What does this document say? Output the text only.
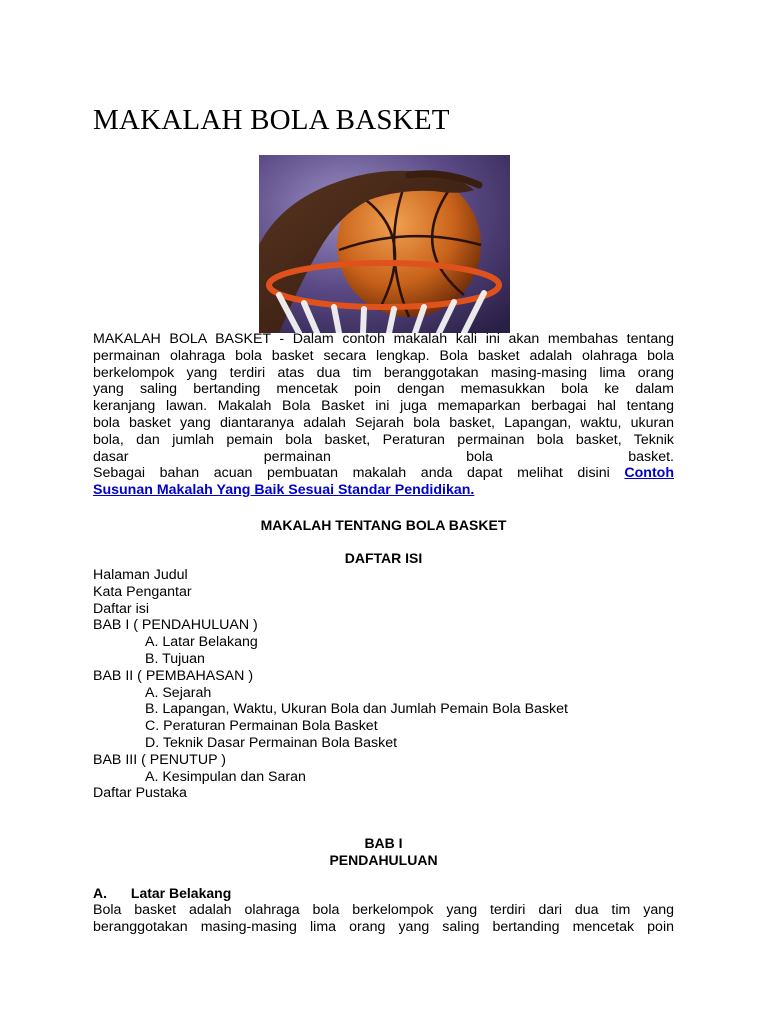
MAKALAH BOLA BASKET
MAKALAH BOLA BASKET - Dalam contoh makalah kali ini akan membahas tentang
permainan olahraga bola basket secara lengkap. Bola basket adalah olahraga bola
berkelompok yang terdiri atas dua tim beranggotakan masing-masing lima orang
yang saling bertanding mencetak poin dengan memasukkan bola ke dalam
keranjang lawan. Makalah Bola Basket ini juga memaparkan berbagai hal tentang
bola basket yang diantaranya adalah Sejarah bola basket, Lapangan, waktu, ukuran
bola, dan jumlah pemain bola basket, Peraturan permainan bola basket, Teknik
dasar permainan bola basket.
Sebagai bahan acuan pembuatan makalah anda dapat melihat disini Contoh
Susunan Makalah Yang Baik Sesuai Standar Pendidikan.
MAKALAH TENTANG BOLA BASKET
DAFTAR ISI
Halaman Judul
Kata Pengantar
Daftar isi
BAB I ( PENDAHULUAN )
A. Latar Belakang
B. Tujuan
BAB II ( PEMBAHASAN )
A. Sejarah
B. Lapangan, Waktu, Ukuran Bola dan Jumlah Pemain Bola Basket
C. Peraturan Permainan Bola Basket
D. Teknik Dasar Permainan Bola Basket
BAB III ( PENUTUP )
A. Kesimpulan dan Saran
Daftar Pustaka
BAB I
PENDAHULUAN
A. Latar Belakang
Bola basket adalah olahraga bola berkelompok yang terdiri dari dua tim yang
beranggotakan masing-masing lima orang yang saling bertanding mencetak poin
